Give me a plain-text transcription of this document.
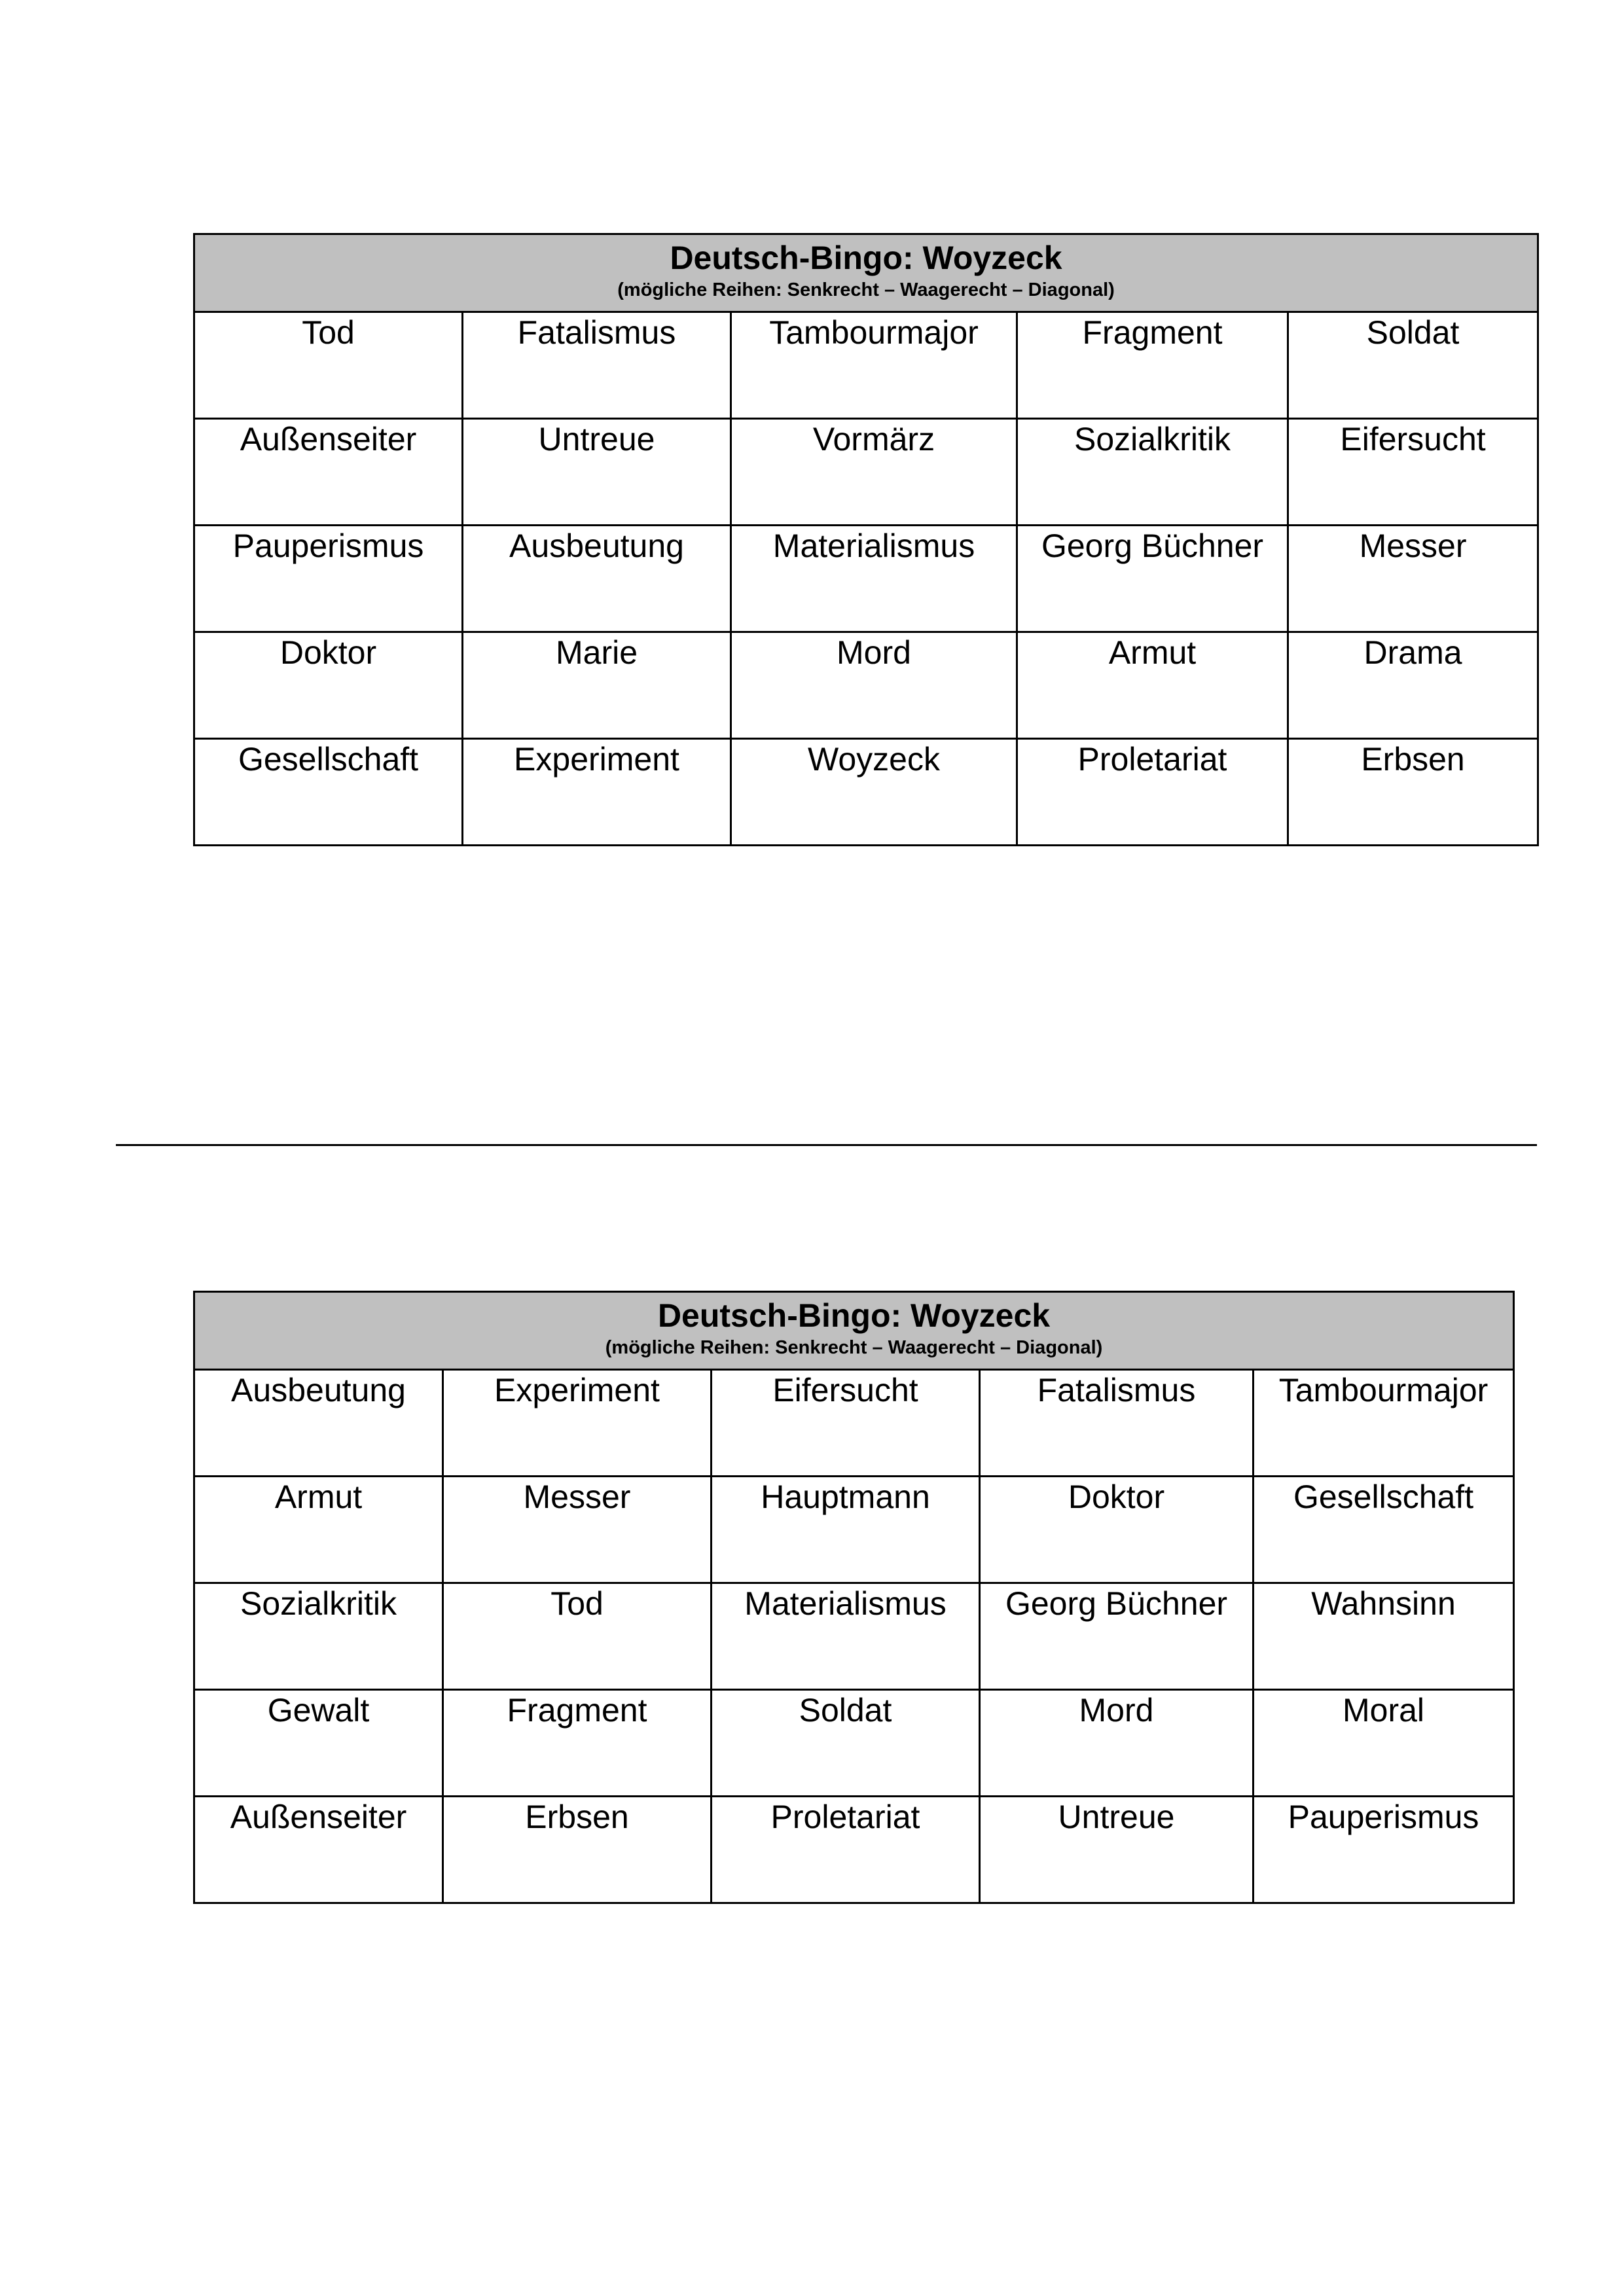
Deutsch-Bingo: Woyzeck
(mögliche Reihen: Senkrecht – Waagerecht – Diagonal)				

Tod	Fatalismus	Tambourmajor	Fragment	Soldat
Außenseiter	Untreue	Vormärz	Sozialkritik	Eifersucht
Pauperismus	Ausbeutung	Materialismus	Georg Büchner	Messer
Doktor	Marie	Mord	Armut	Drama
Gesellschaft	Experiment	Woyzeck	Proletariat	Erbsen
Deutsch-Bingo: Woyzeck
(mögliche Reihen: Senkrecht – Waagerecht – Diagonal)				

Ausbeutung	Experiment	Eifersucht	Fatalismus	Tambourmajor
Armut	Messer	Hauptmann	Doktor	Gesellschaft
Sozialkritik	Tod	Materialismus	Georg Büchner	Wahnsinn
Gewalt	Fragment	Soldat	Mord	Moral
Außenseiter	Erbsen	Proletariat	Untreue	Pauperismus
